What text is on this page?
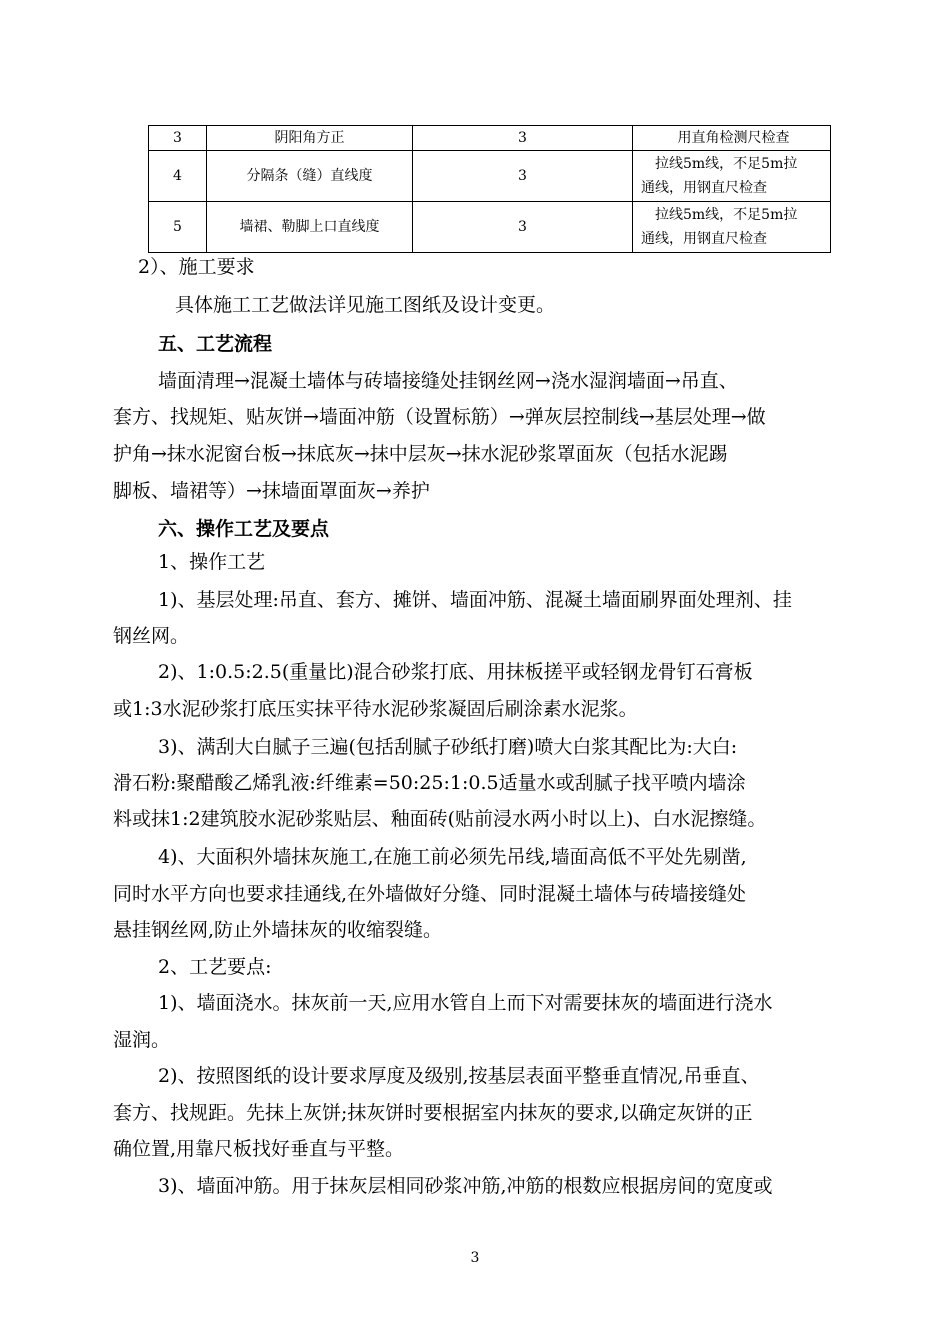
3	阴阳角方正	3	用直角检测尺检查
4	分隔条（缝）直线度	3	拉线5m线，不足5m拉
通线，用钢直尺检查

5	墙裙、勒脚上口直线度	3	拉线5m线，不足5m拉
通线，用钢直尺检查
2）、施工要求
具体施工工艺做法详见施工图纸及设计变更。
五、工艺流程
墙面清理→混凝土墙体与砖墙接缝处挂钢丝网→浇水湿润墙面→吊直、
套方、找规矩、贴灰饼→墙面冲筋（设置标筋）→弹灰层控制线→基层处理→做
护角→抹水泥窗台板→抹底灰→抹中层灰→抹水泥砂浆罩面灰（包括水泥踢
脚板、墙裙等）→抹墙面罩面灰→养护
六、操作工艺及要点
1、操作工艺
1)、基层处理:吊直、套方、摊饼、墙面冲筋、混凝土墙面刷界面处理剂、挂
钢丝网。
2)、1:0.5:2.5(重量比)混合砂浆打底、用抹板搓平或轻钢龙骨钉石膏板
或1:3水泥砂浆打底压实抹平待水泥砂浆凝固后刷涂素水泥浆。
3)、满刮大白腻子三遍(包括刮腻子砂纸打磨)喷大白浆其配比为:大白:
滑石粉:聚醋酸乙烯乳液:纤维素=50:25:1:0.5适量水或刮腻子找平喷内墙涂
料或抹1:2建筑胶水泥砂浆贴层、釉面砖(贴前浸水两小时以上)、白水泥擦缝。
4)、大面积外墙抹灰施工,在施工前必须先吊线,墙面高低不平处先剔凿,
同时水平方向也要求挂通线,在外墙做好分缝、同时混凝土墙体与砖墙接缝处
悬挂钢丝网,防止外墙抹灰的收缩裂缝。
2、工艺要点:
1)、墙面浇水。抹灰前一天,应用水管自上而下对需要抹灰的墙面进行浇水
湿润。
2)、按照图纸的设计要求厚度及级别,按基层表面平整垂直情况,吊垂直、
套方、找规距。先抹上灰饼;抹灰饼时要根据室内抹灰的要求,以确定灰饼的正
确位置,用靠尺板找好垂直与平整。
3)、墙面冲筋。用于抹灰层相同砂浆冲筋,冲筋的根数应根据房间的宽度或
3
